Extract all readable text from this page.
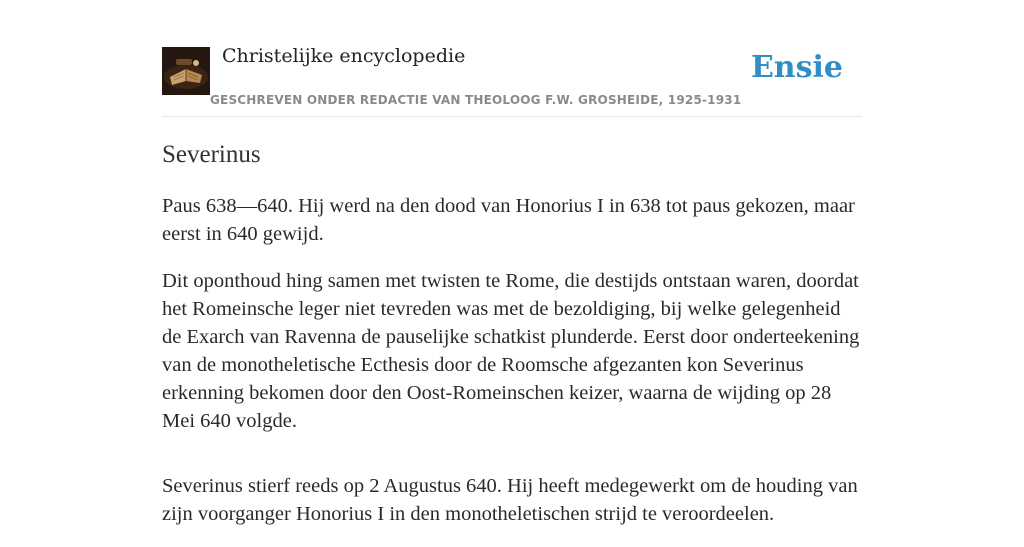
Christelijke encyclopedie
GESCHREVEN ONDER REDACTIE VAN THEOLOOG F.W. GROSHEIDE, 1925-1931
Ensie
Severinus

Paus 638—640. Hij werd na den dood van Honorius I in 638 tot paus gekozen, maar eerst in 640 gewijd.

Dit oponthoud hing samen met twisten te Rome, die destijds ontstaan waren, doordat het Romeinsche leger niet tevreden was met de bezoldiging, bij welke gelegenheid de Exarch van Ravenna de pauselijke schatkist plunderde. Eerst door onderteekening van de monotheletische Ecthesis door de Roomsche afgezanten kon Severinus erkenning bekomen door den Oost-Romeinschen keizer, waarna de wijding op 28 Mei 640 volgde.

Severinus stierf reeds op 2 Augustus 640. Hij heeft medegewerkt om de houding van zijn voorganger Honorius I in den monotheletischen strijd te veroordeelen.
